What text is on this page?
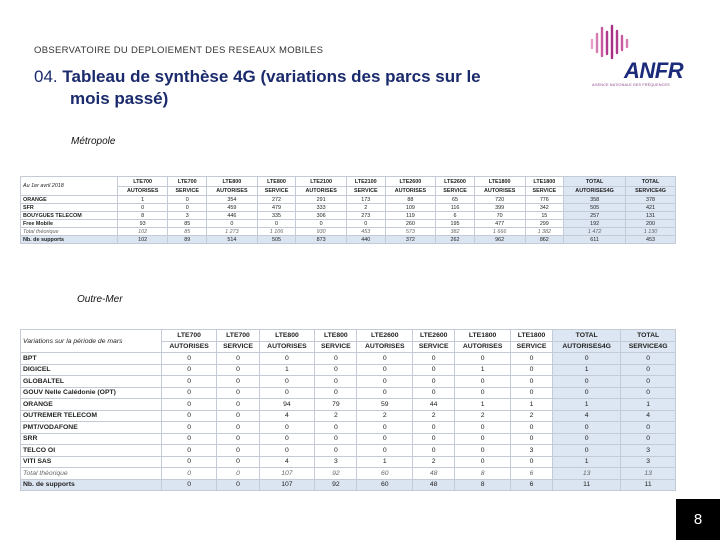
OBSERVATOIRE DU DEPLOIEMENT DES RESEAUX MOBILES
04. Tableau de synthèse 4G (variations des parcs sur le
mois passé)
ANFR
AGENCE NATIONALE DES FRÉQUENCES
Métropole
Au 1er avril 2018	LTE700	LTE700	LTE800	LTE800	LTE2100	LTE2100	LTE2600	LTE2600	LTE1800	LTE1800	TOTAL	TOTAL
	AUTORISES	SERVICE	AUTORISES	SERVICE	AUTORISES	SERVICE	AUTORISES	SERVICE	AUTORISES	SERVICE	AUTORISES4G	SERVICE4G
ORANGE	1	0	354	272	291	173	88	65	720	776	358	378
SFR	0	0	459	479	333	2	109	116	399	342	505	421
BOUYGUES TELECOM	8	3	446	335	306	273	119	6	70	15	257	131
Free Mobile	93	85	0	0	0	0	260	195	477	299	192	200
Total théorique	102	85	1 273	1 106	930	453	573	382	1 666	1 382	1 472	1 130
Nb. de supports	102	89	514	505	873	440	372	262	962	862	611	453
Outre-Mer
Variations sur la période de mars	LTE700	LTE700	LTE800	LTE800	LTE2600	LTE2600	LTE1800	LTE1800	TOTAL	TOTAL
	AUTORISES	SERVICE	AUTORISES	SERVICE	AUTORISES	SERVICE	AUTORISES	SERVICE	AUTORISES4G	SERVICE4G
BPT	0	0	0	0	0	0	0	0	0	0
DIGICEL	0	0	1	0	0	0	1	0	1	0
GLOBALTEL	0	0	0	0	0	0	0	0	0	0
GOUV Nelle Calédonie (OPT)	0	0	0	0	0	0	0	0	0	0
ORANGE	0	0	94	79	59	44	1	1	1	1
OUTREMER TELECOM	0	0	4	2	2	2	2	2	4	4
PMT/VODAFONE	0	0	0	0	0	0	0	0	0	0
SRR	0	0	0	0	0	0	0	0	0	0
TELCO OI	0	0	0	0	0	0	0	3	0	3
VITI SAS	0	0	4	3	1	2	0	0	1	3
Total théorique	0	0	107	92	60	48	8	6	13	13
Nb. de supports	0	0	107	92	60	48	8	6	11	11
8
